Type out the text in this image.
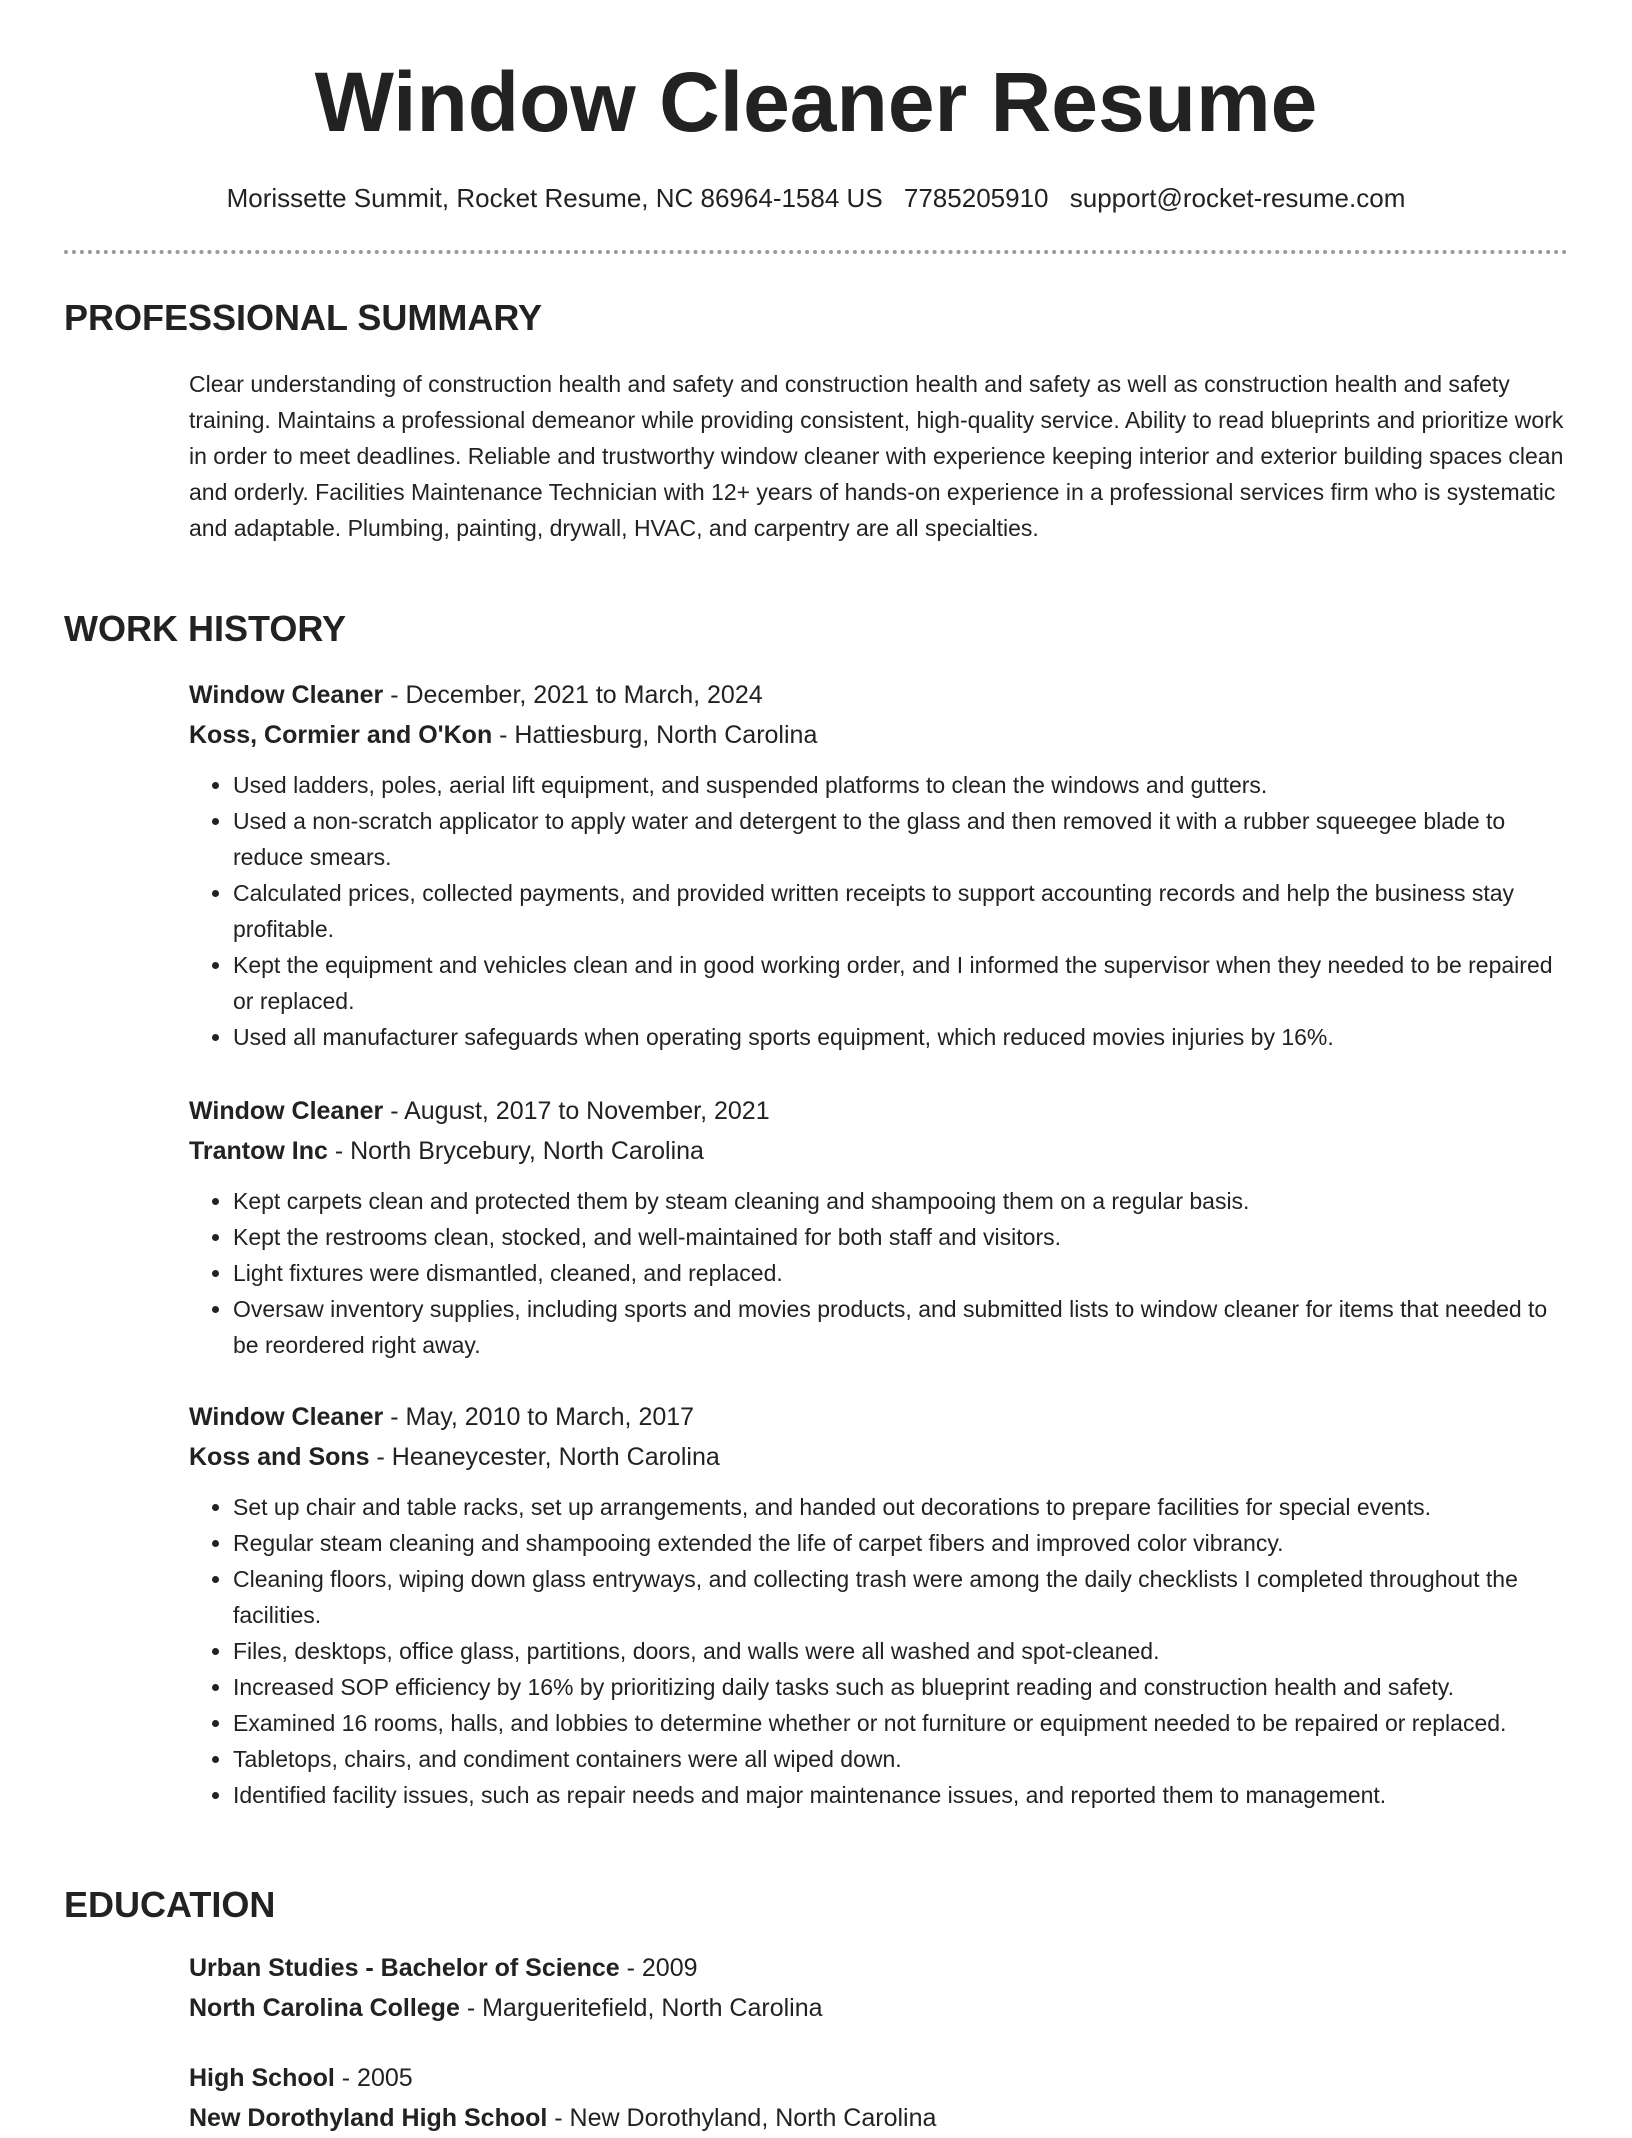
Window Cleaner Resume
Morissette Summit, Rocket Resume, NC 86964-1584 US 7785205910 support@rocket-resume.com
PROFESSIONAL SUMMARY

Clear understanding of construction health and safety and construction health and safety as well as construction health and safety training. Maintains a professional demeanor while providing consistent, high-quality service. Ability to read blueprints and prioritize work in order to meet deadlines. Reliable and trustworthy window cleaner with experience keeping interior and exterior building spaces clean and orderly. Facilities Maintenance Technician with 12+ years of hands-on experience in a professional services firm who is systematic and adaptable. Plumbing, painting, drywall, HVAC, and carpentry are all specialties.

WORK HISTORY

Window Cleaner - December, 2021 to March, 2024

Koss, Cormier and O'Kon - Hattiesburg, North Carolina

• Used ladders, poles, aerial lift equipment, and suspended platforms to clean the windows and gutters.
• Used a non-scratch applicator to apply water and detergent to the glass and then removed it with a rubber squeegee blade to reduce smears.
• Calculated prices, collected payments, and provided written receipts to support accounting records and help the business stay profitable.
• Kept the equipment and vehicles clean and in good working order, and I informed the supervisor when they needed to be repaired or replaced.
• Used all manufacturer safeguards when operating sports equipment, which reduced movies injuries by 16%.

Window Cleaner - August, 2017 to November, 2021

Trantow Inc - North Brycebury, North Carolina

• Kept carpets clean and protected them by steam cleaning and shampooing them on a regular basis.
• Kept the restrooms clean, stocked, and well-maintained for both staff and visitors.
• Light fixtures were dismantled, cleaned, and replaced.
• Oversaw inventory supplies, including sports and movies products, and submitted lists to window cleaner for items that needed to be reordered right away.

Window Cleaner - May, 2010 to March, 2017

Koss and Sons - Heaneycester, North Carolina

• Set up chair and table racks, set up arrangements, and handed out decorations to prepare facilities for special events.
• Regular steam cleaning and shampooing extended the life of carpet fibers and improved color vibrancy.
• Cleaning floors, wiping down glass entryways, and collecting trash were among the daily checklists I completed throughout the facilities.
• Files, desktops, office glass, partitions, doors, and walls were all washed and spot-cleaned.
• Increased SOP efficiency by 16% by prioritizing daily tasks such as blueprint reading and construction health and safety.
• Examined 16 rooms, halls, and lobbies to determine whether or not furniture or equipment needed to be repaired or replaced.
• Tabletops, chairs, and condiment containers were all wiped down.
• Identified facility issues, such as repair needs and major maintenance issues, and reported them to management.
EDUCATION

Urban Studies - Bachelor of Science - 2009

North Carolina College - Margueritefield, North Carolina

High School - 2005

New Dorothyland High School - New Dorothyland, North Carolina
